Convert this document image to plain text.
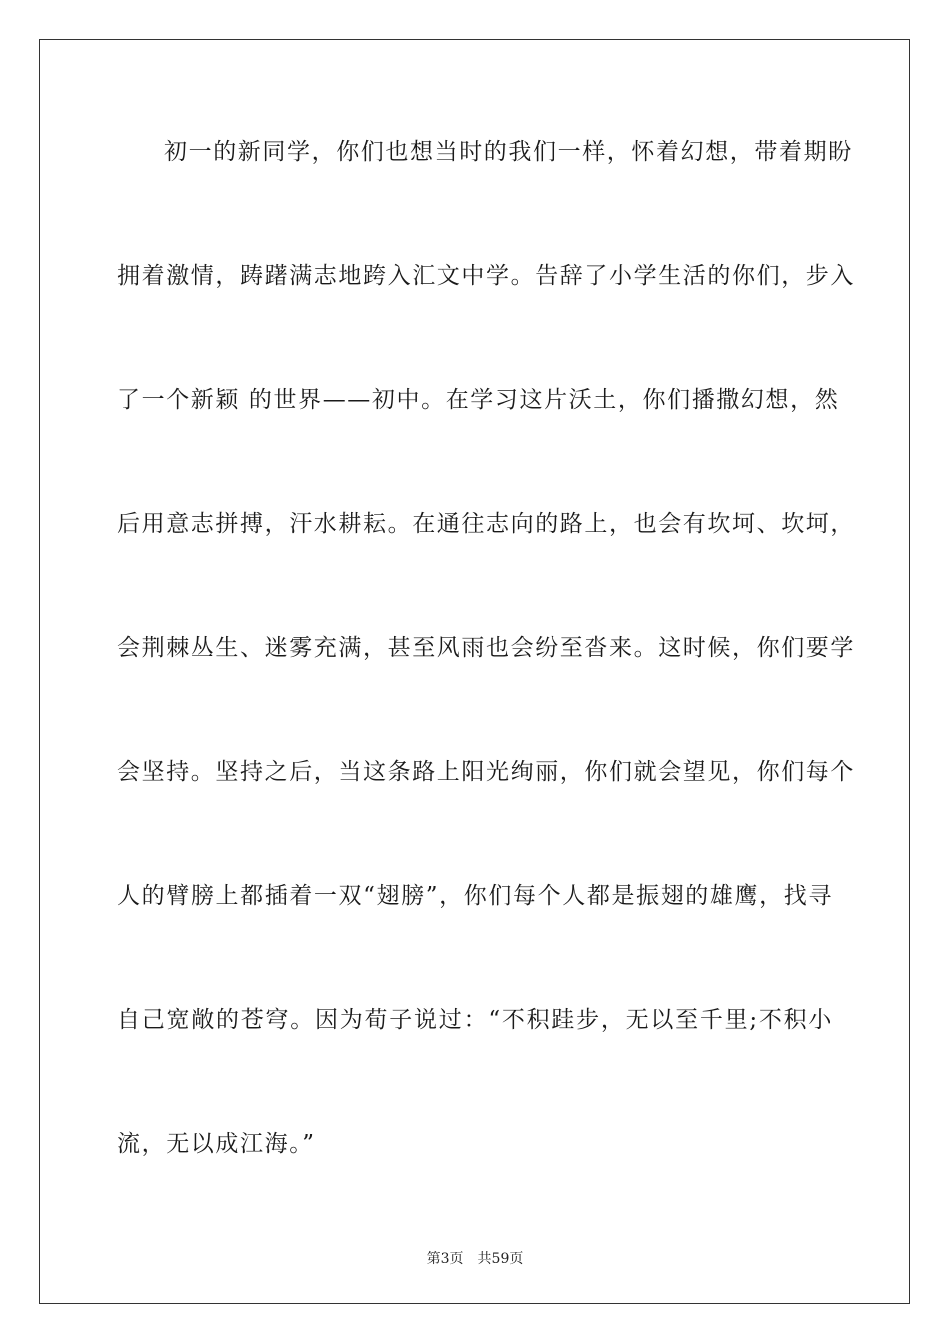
初一的新同学，你们也想当时的我们一样，怀着幻想，带着期盼
拥着激情，踌躇满志地跨入汇文中学。告辞了小学生活的你们，步入
了一个新颖 的世界——初中。在学习这片沃土，你们播撒幻想，然
后用意志拼搏，汗水耕耘。在通往志向的路上，也会有坎坷、坎坷，
会荆棘丛生、迷雾充满，甚至风雨也会纷至沓来。这时候，你们要学
会坚持。坚持之后，当这条路上阳光绚丽，你们就会望见，你们每个
人的臂膀上都插着一双“翅膀”，你们每个人都是振翅的雄鹰，找寻
自己宽敞的苍穹。因为荀子说过：“不积跬步，无以至千里;不积小
流，无以成江海。”
第3页 共59页
